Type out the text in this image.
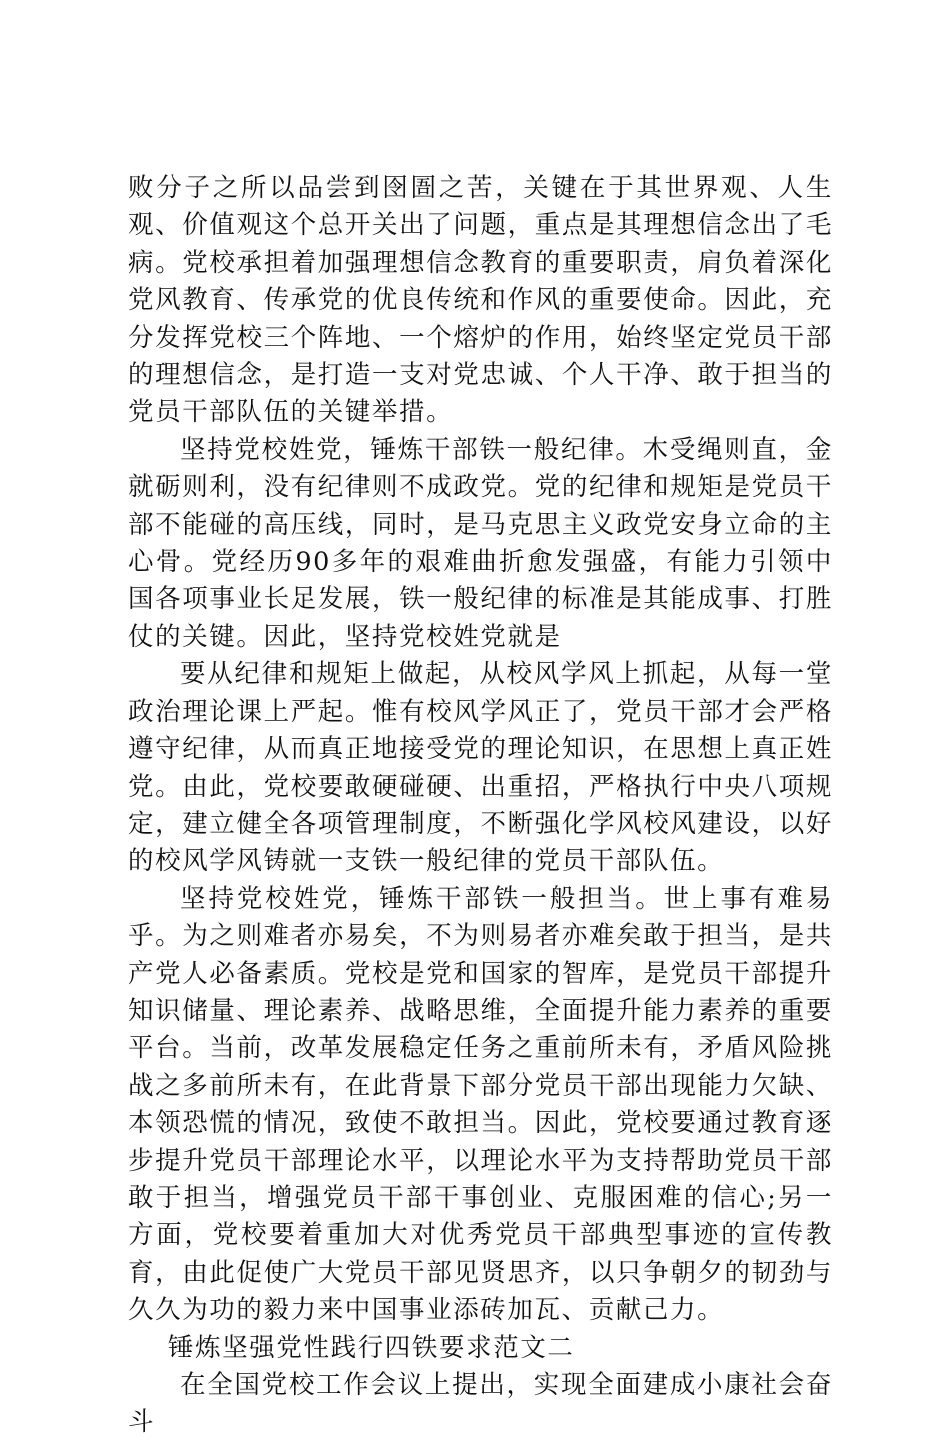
败分子之所以品尝到囹圄之苦，关键在于其世界观、人生观、价值观这个总开关出了问题，重点是其理想信念出了毛病。党校承担着加强理想信念教育的重要职责，肩负着深化党风教育、传承党的优良传统和作风的重要使命。因此，充分发挥党校三个阵地、一个熔炉的作用，始终坚定党员干部的理想信念，是打造一支对党忠诚、个人干净、敢于担当的党员干部队伍的关键举措。

坚持党校姓党，锤炼干部铁一般纪律。木受绳则直，金就砺则利，没有纪律则不成政党。党的纪律和规矩是党员干部不能碰的高压线，同时，是马克思主义政党安身立命的主心骨。党经历90多年的艰难曲折愈发强盛，有能力引领中国各项事业长足发展，铁一般纪律的标准是其能成事、打胜仗的关键。因此，坚持党校姓党就是

要从纪律和规矩上做起，从校风学风上抓起，从每一堂政治理论课上严起。惟有校风学风正了，党员干部才会严格遵守纪律，从而真正地接受党的理论知识，在思想上真正姓党。由此，党校要敢硬碰硬、出重招，严格执行中央八项规定，建立健全各项管理制度，不断强化学风校风建设，以好的校风学风铸就一支铁一般纪律的党员干部队伍。

坚持党校姓党，锤炼干部铁一般担当。世上事有难易乎。为之则难者亦易矣，不为则易者亦难矣敢于担当，是共产党人必备素质。党校是党和国家的智库，是党员干部提升知识储量、理论素养、战略思维，全面提升能力素养的重要平台。当前，改革发展稳定任务之重前所未有，矛盾风险挑战之多前所未有，在此背景下部分党员干部出现能力欠缺、本领恐慌的情况，致使不敢担当。因此，党校要通过教育逐步提升党员干部理论水平，以理论水平为支持帮助党员干部敢于担当，增强党员干部干事创业、克服困难的信心;另一方面，党校要着重加大对优秀党员干部典型事迹的宣传教育，由此促使广大党员干部见贤思齐，以只争朝夕的韧劲与久久为功的毅力来中国事业添砖加瓦、贡献己力。

锤炼坚强党性践行四铁要求范文二

在全国党校工作会议上提出，实现全面建成小康社会奋斗
